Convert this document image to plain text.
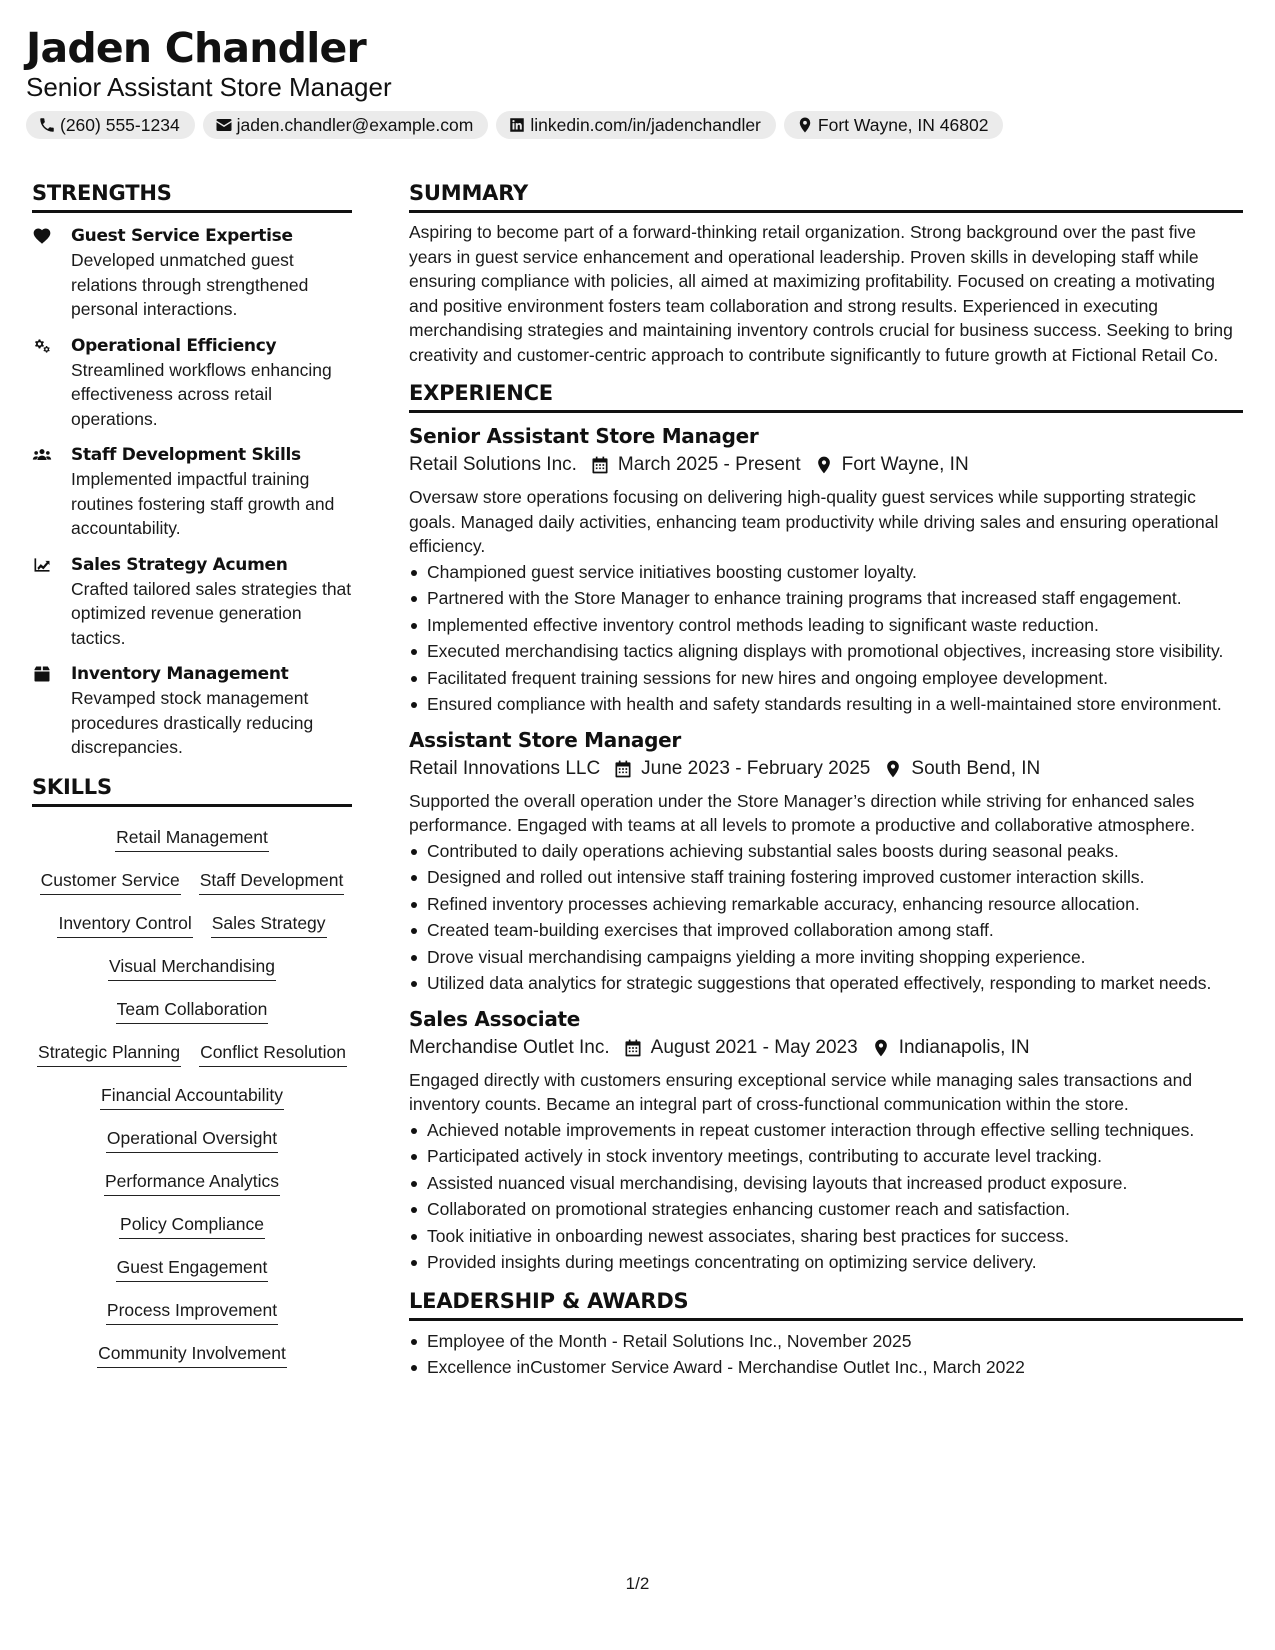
Jaden Chandler
Senior Assistant Store Manager
(260) 555-1234	jaden.chandler@example.com	linkedin.com/in/jadenchandler	Fort Wayne, IN 46802
STRENGTHS
Guest Service Expertise
Developed unmatched guest relations through strengthened personal interactions.
Operational Efficiency
Streamlined workflows enhancing effectiveness across retail operations.
Staff Development Skills
Implemented impactful training routines fostering staff growth and accountability.
Sales Strategy Acumen
Crafted tailored sales strategies that optimized revenue generation tactics.
Inventory Management
Revamped stock management procedures drastically reducing discrepancies.
SKILLS
Retail Management
Customer Service Staff Development
Inventory Control Sales Strategy
Visual Merchandising
Team Collaboration
Strategic Planning Conflict Resolution
Financial Accountability
Operational Oversight
Performance Analytics
Policy Compliance
Guest Engagement
Process Improvement
Community Involvement
SUMMARY

Aspiring to become part of a forward-thinking retail organization. Strong background over the past five years in guest service enhancement and operational leadership. Proven skills in developing staff while ensuring compliance with policies, all aimed at maximizing profitability. Focused on creating a motivating and positive environment fosters team collaboration and strong results. Experienced in executing merchandising strategies and maintaining inventory controls crucial for business success. Seeking to bring creativity and customer-centric approach to contribute significantly to future growth at Fictional Retail Co.

EXPERIENCE
Senior Assistant Store Manager
Retail Solutions Inc. March 2025 - Present Fort Wayne, IN

Oversaw store operations focusing on delivering high-quality guest services while supporting strategic goals. Managed daily activities, enhancing team productivity while driving sales and ensuring operational efficiency.

Championed guest service initiatives boosting customer loyalty.
Partnered with the Store Manager to enhance training programs that increased staff engagement.
Implemented effective inventory control methods leading to significant waste reduction.
Executed merchandising tactics aligning displays with promotional objectives, increasing store visibility.
Facilitated frequent training sessions for new hires and ongoing employee development.
Ensured compliance with health and safety standards resulting in a well-maintained store environment.
Assistant Store Manager
Retail Innovations LLC June 2023 - February 2025 South Bend, IN

Supported the overall operation under the Store Manager’s direction while striving for enhanced sales performance. Engaged with teams at all levels to promote a productive and collaborative atmosphere.

Contributed to daily operations achieving substantial sales boosts during seasonal peaks.
Designed and rolled out intensive staff training fostering improved customer interaction skills.
Refined inventory processes achieving remarkable accuracy, enhancing resource allocation.
Created team-building exercises that improved collaboration among staff.
Drove visual merchandising campaigns yielding a more inviting shopping experience.
Utilized data analytics for strategic suggestions that operated effectively, responding to market needs.
Sales Associate
Merchandise Outlet Inc. August 2021 - May 2023 Indianapolis, IN

Engaged directly with customers ensuring exceptional service while managing sales transactions and inventory counts. Became an integral part of cross-functional communication within the store.

Achieved notable improvements in repeat customer interaction through effective selling techniques.
Participated actively in stock inventory meetings, contributing to accurate level tracking.
Assisted nuanced visual merchandising, devising layouts that increased product exposure.
Collaborated on promotional strategies enhancing customer reach and satisfaction.
Took initiative in onboarding newest associates, sharing best practices for success.
Provided insights during meetings concentrating on optimizing service delivery.
LEADERSHIP & AWARDS
Employee of the Month - Retail Solutions Inc., November 2025
Excellence inCustomer Service Award - Merchandise Outlet Inc., March 2022
1/2
